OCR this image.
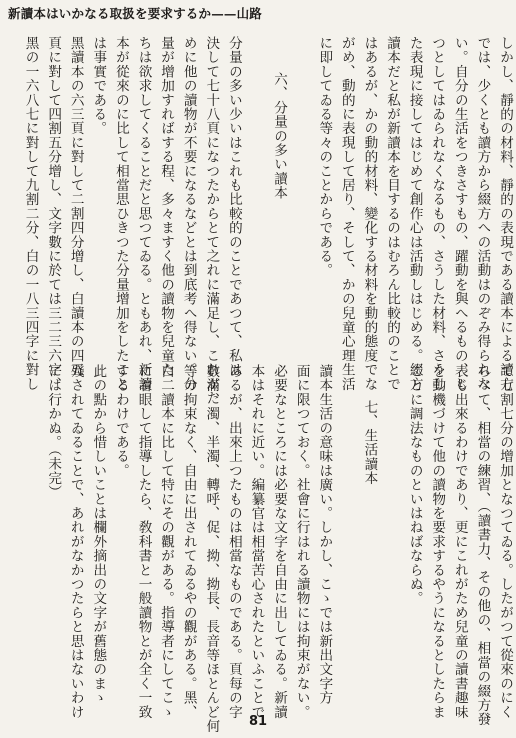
新讀本はいかなる取扱を要求するか——山路
しかし、靜的の材料、靜的の表現である讀本による讀方
では、少くとも讀方から綴方への活動はのぞみ得られな
い。自分の生活をつきさすもの、躍動を與へるもの、じ
つとしてはゐられなくなるもの、さうした材料、さうし
た表現に接してはじめて創作心は活動しはじめる。綴方
讀本だと私が新讀本を目するのはむろん比較的のことで
はあるが、かの動的材料、變化する材料を動的態度でな
がめ、動的に表現して居り、そして、かの兒童心理生活
に即してゐる等々のことからである。
六、分量の多い讀本
分量の多い少いはこれも比較的のことであつて、私は
決して七十八頁になつたからとて之れに滿足し、これがた
めに他の讀物が不要になるなどとは到底考へ得ない。分
量が增加すればする程、多々ますく他の讀物を兒童た
ちは欲求してくることだと思つてゐる。ともあれ、新讀
本が從來のに比して相當思ひきつた分量增加をしたこと
は事實である。
黑讀本の六三頁に對して二割四分增し、白讀本の四五
頁に對して四割五分增し、文字數に於ては三二三六字、
黑の一六八七に對して九割二分、白の一八三四字に對し
て七割七分の增加となつてゐる。したがつて從來のにく
らべて、相當の練習、（讀書力、その他の、相當の綴方發
表も出來るわけであり、更にこれがため兒童の讀書趣味
を動機づけて他の讀物を要求するやうになるとしたらま
ことに調法なものといはねばならぬ。
七、生活讀本
讀本生活の意味は廣い。しかし、こゝでは新出文字方
面に限つておく。社會に行はれる讀物には拘束がない。
必要なところには必要な文字を自由に出してゐる。新讀
本はそれに近い。編纂官は相當苦心されたといふことで
あるが、出來上つたものは相當なものである。頁每の字
數滿、濁、半濁、轉呼、促、拗、拗長、長音等ほとんど何
等の拘束なく、自由に出されてゐるやの觀がある。黑、
白二讀本に比して特にその觀がある。指導者にしてこゝ
に着眼して指導したら、敎科書と一般讀物とが全く一致
するわけである。
此の點から惜しいことは欄外摘出の文字が舊態のまゝ
殘されてゐることで、あれがなかつたらと思はないわけ
には行かぬ。（未完）
81
